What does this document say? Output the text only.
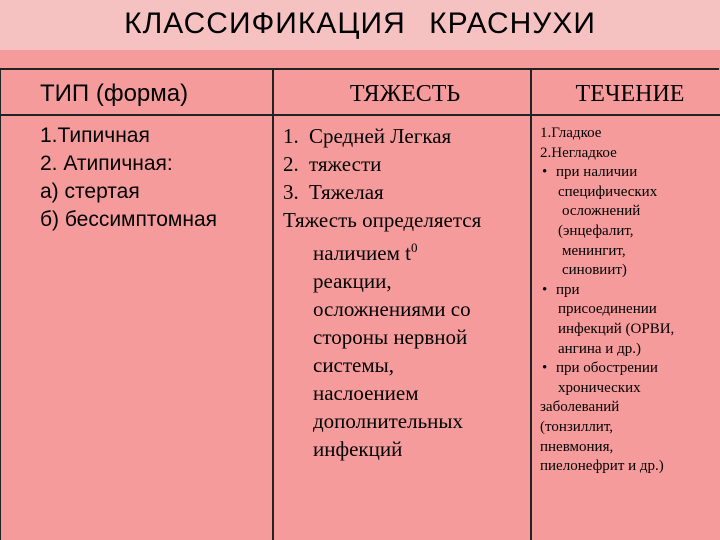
КЛАССИФИКАЦИЯ КРАСНУХИ
ТИП (форма)	ТЯЖЕСТЬ	ТЕЧЕНИЕ
1.Типичная
2. Атипичная:
а) стертая
б) бессимптомная
1. Средней Легкая
2. тяжести
3. Тяжелая
Тяжесть определяется
наличием $t^0$
реакции,
осложнениями со
стороны нервной
системы,
наслоением
дополнительных
инфекций
1.Гладкое
2.Негладкое
• при наличии
специфических
осложнений
(энцефалит,
менингит,
синовиит)
• при
присоединении
инфекций (ОРВИ,
ангина и др.)
• при обострении
хронических
заболеваний
(тонзиллит,
пневмония,
пиелонефрит и др.)
